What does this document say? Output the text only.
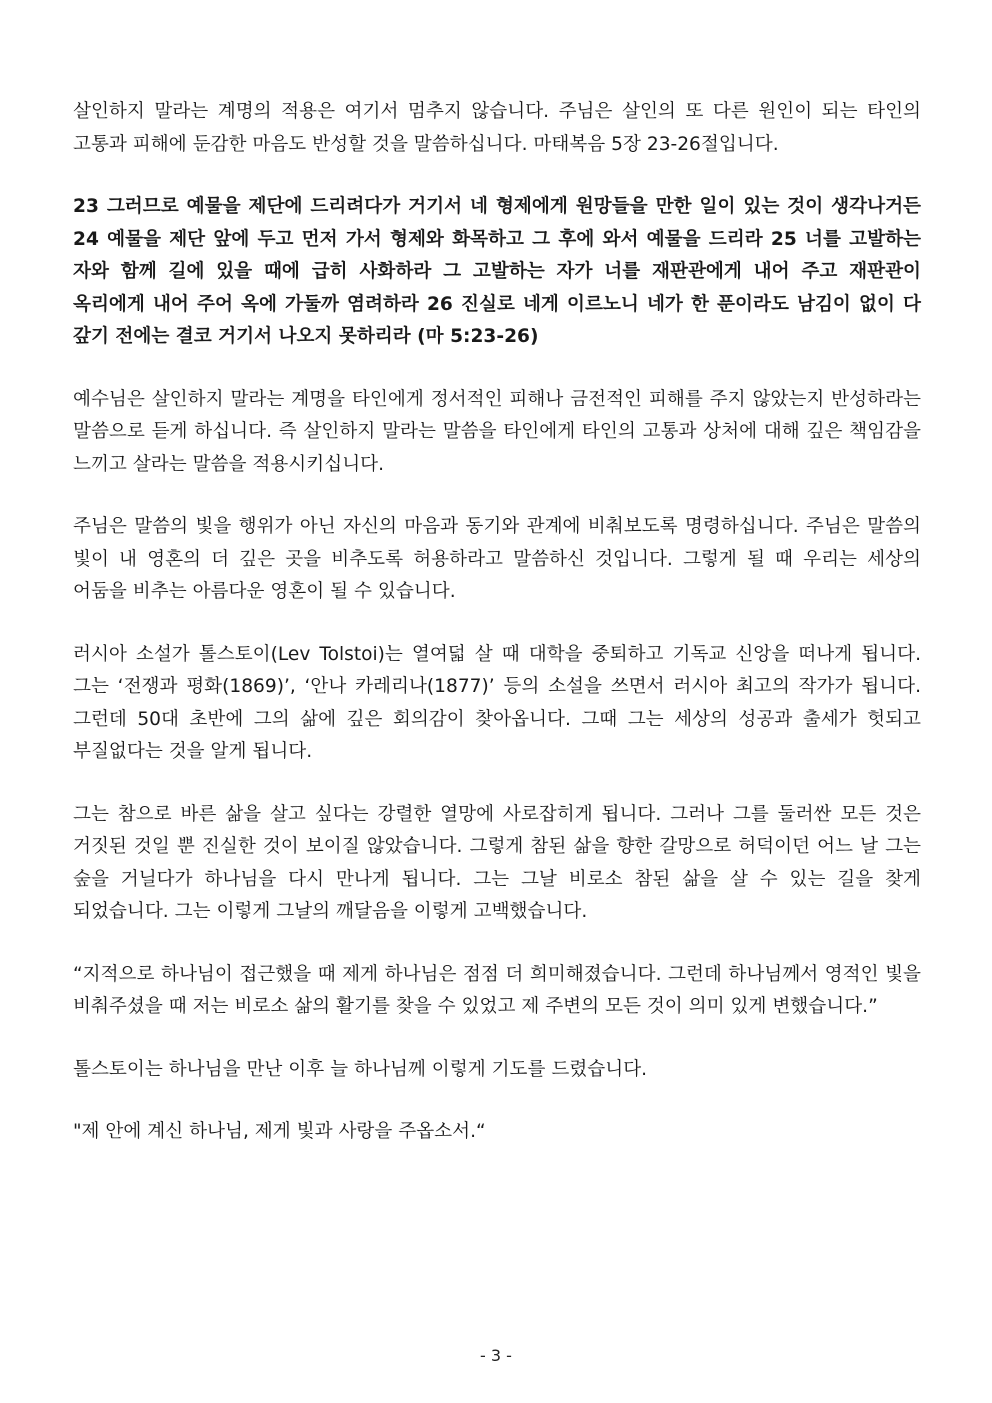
살인하지 말라는 계명의 적용은 여기서 멈추지 않습니다. 주님은 살인의 또 다른 원인이 되는 타인의 고통과 피해에 둔감한 마음도 반성할 것을 말씀하십니다. 마태복음 5장 23-26절입니다.

23 그러므로 예물을 제단에 드리려다가 거기서 네 형제에게 원망들을 만한 일이 있는 것이 생각나거든 24 예물을 제단 앞에 두고 먼저 가서 형제와 화목하고 그 후에 와서 예물을 드리라 25 너를 고발하는 자와 함께 길에 있을 때에 급히 사화하라 그 고발하는 자가 너를 재판관에게 내어 주고 재판관이 옥리에게 내어 주어 옥에 가둘까 염려하라 26 진실로 네게 이르노니 네가 한 푼이라도 남김이 없이 다 갚기 전에는 결코 거기서 나오지 못하리라 (마 5:23-26)

예수님은 살인하지 말라는 계명을 타인에게 정서적인 피해나 금전적인 피해를 주지 않았는지 반성하라는 말씀으로 듣게 하십니다. 즉 살인하지 말라는 말씀을 타인에게 타인의 고통과 상처에 대해 깊은 책임감을 느끼고 살라는 말씀을 적용시키십니다.

주님은 말씀의 빛을 행위가 아닌 자신의 마음과 동기와 관계에 비춰보도록 명령하십니다. 주님은 말씀의 빛이 내 영혼의 더 깊은 곳을 비추도록 허용하라고 말씀하신 것입니다. 그렇게 될 때 우리는 세상의 어둠을 비추는 아름다운 영혼이 될 수 있습니다.

러시아 소설가 톨스토이(Lev Tolstoi)는 열여덟 살 때 대학을 중퇴하고 기독교 신앙을 떠나게 됩니다. 그는 ‘전쟁과 평화(1869)’, ‘안나 카레리나(1877)’ 등의 소설을 쓰면서 러시아 최고의 작가가 됩니다. 그런데 50대 초반에 그의 삶에 깊은 회의감이 찾아옵니다. 그때 그는 세상의 성공과 출세가 헛되고 부질없다는 것을 알게 됩니다.

그는 참으로 바른 삶을 살고 싶다는 강렬한 열망에 사로잡히게 됩니다. 그러나 그를 둘러싼 모든 것은 거짓된 것일 뿐 진실한 것이 보이질 않았습니다. 그렇게 참된 삶을 향한 갈망으로 허덕이던 어느 날 그는 숲을 거닐다가 하나님을 다시 만나게 됩니다. 그는 그날 비로소 참된 삶을 살 수 있는 길을 찾게 되었습니다. 그는 이렇게 그날의 깨달음을 이렇게 고백했습니다.

“지적으로 하나님이 접근했을 때 제게 하나님은 점점 더 희미해졌습니다. 그런데 하나님께서 영적인 빛을 비춰주셨을 때 저는 비로소 삶의 활기를 찾을 수 있었고 제 주변의 모든 것이 의미 있게 변했습니다.”

톨스토이는 하나님을 만난 이후 늘 하나님께 이렇게 기도를 드렸습니다.

"제 안에 계신 하나님, 제게 빛과 사랑을 주옵소서.“

- 3 -
